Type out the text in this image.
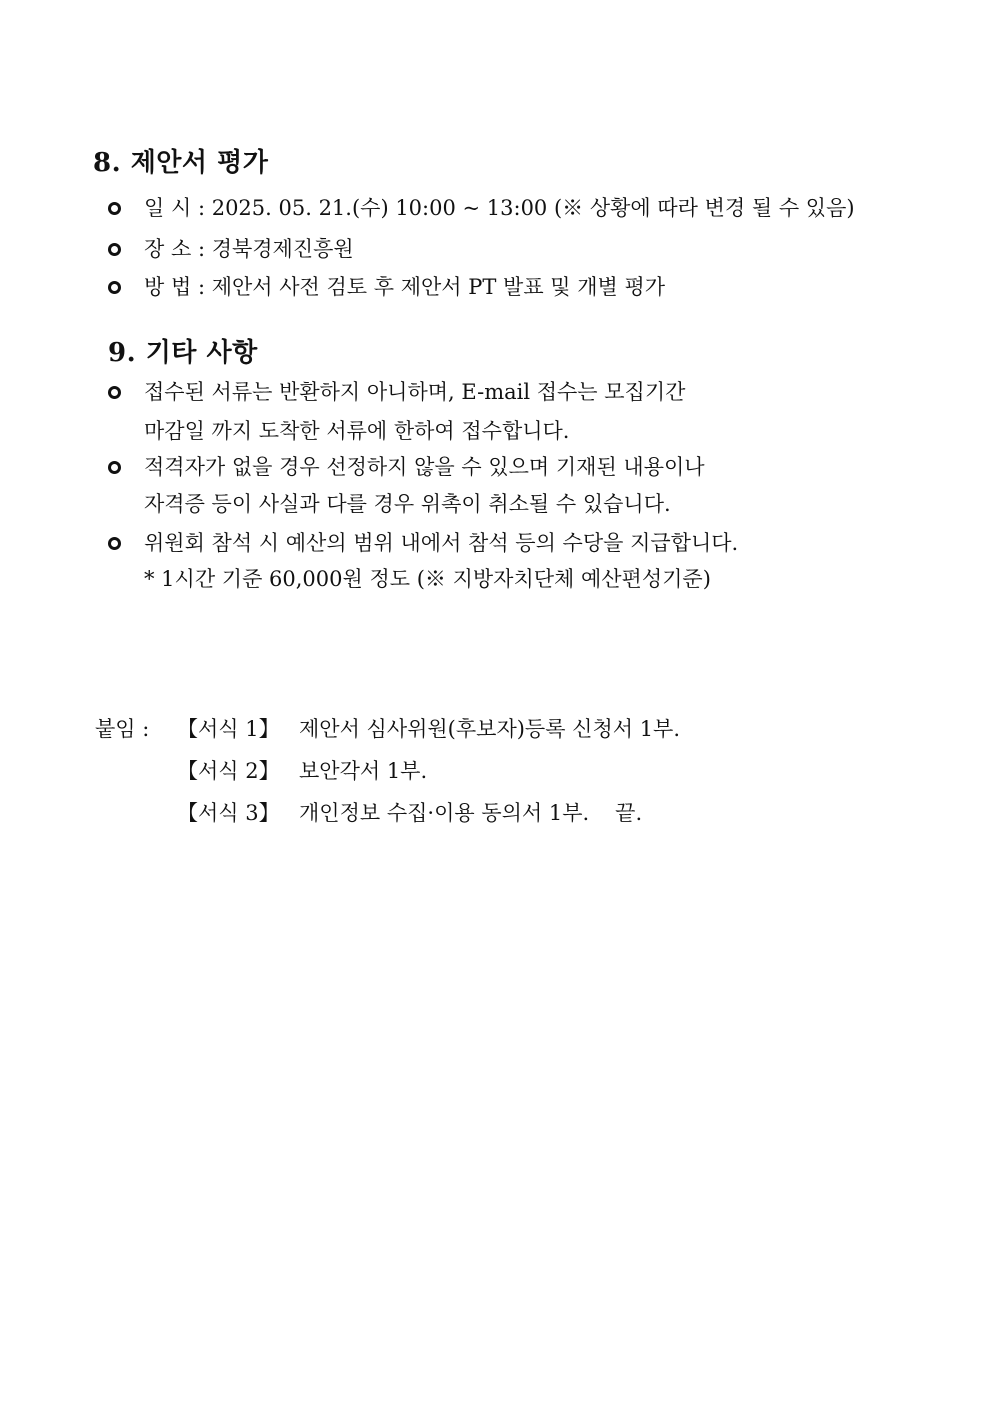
8. 제안서 평가
일 시 : 2025. 05. 21.(수) 10:00 ~ 13:00 (※ 상황에 따라 변경 될 수 있음)
장 소 : 경북경제진흥원
방 법 : 제안서 사전 검토 후 제안서 PT 발표 및 개별 평가
9. 기타 사항
접수된 서류는 반환하지 아니하며, E-mail 접수는 모집기간
마감일 까지 도착한 서류에 한하여 접수합니다.
적격자가 없을 경우 선정하지 않을 수 있으며 기재된 내용이나
자격증 등이 사실과 다를 경우 위촉이 취소될 수 있습니다.
위원회 참석 시 예산의 범위 내에서 참석 등의 수당을 지급합니다.
* 1시간 기준 60,000원 정도 (※ 지방자치단체 예산편성기준)
붙임 : 【서식 1】 제안서 심사위원(후보자)등록 신청서 1부.
【서식 2】 보안각서 1부.
【서식 3】 개인정보 수집·이용 동의서 1부. 끝.
